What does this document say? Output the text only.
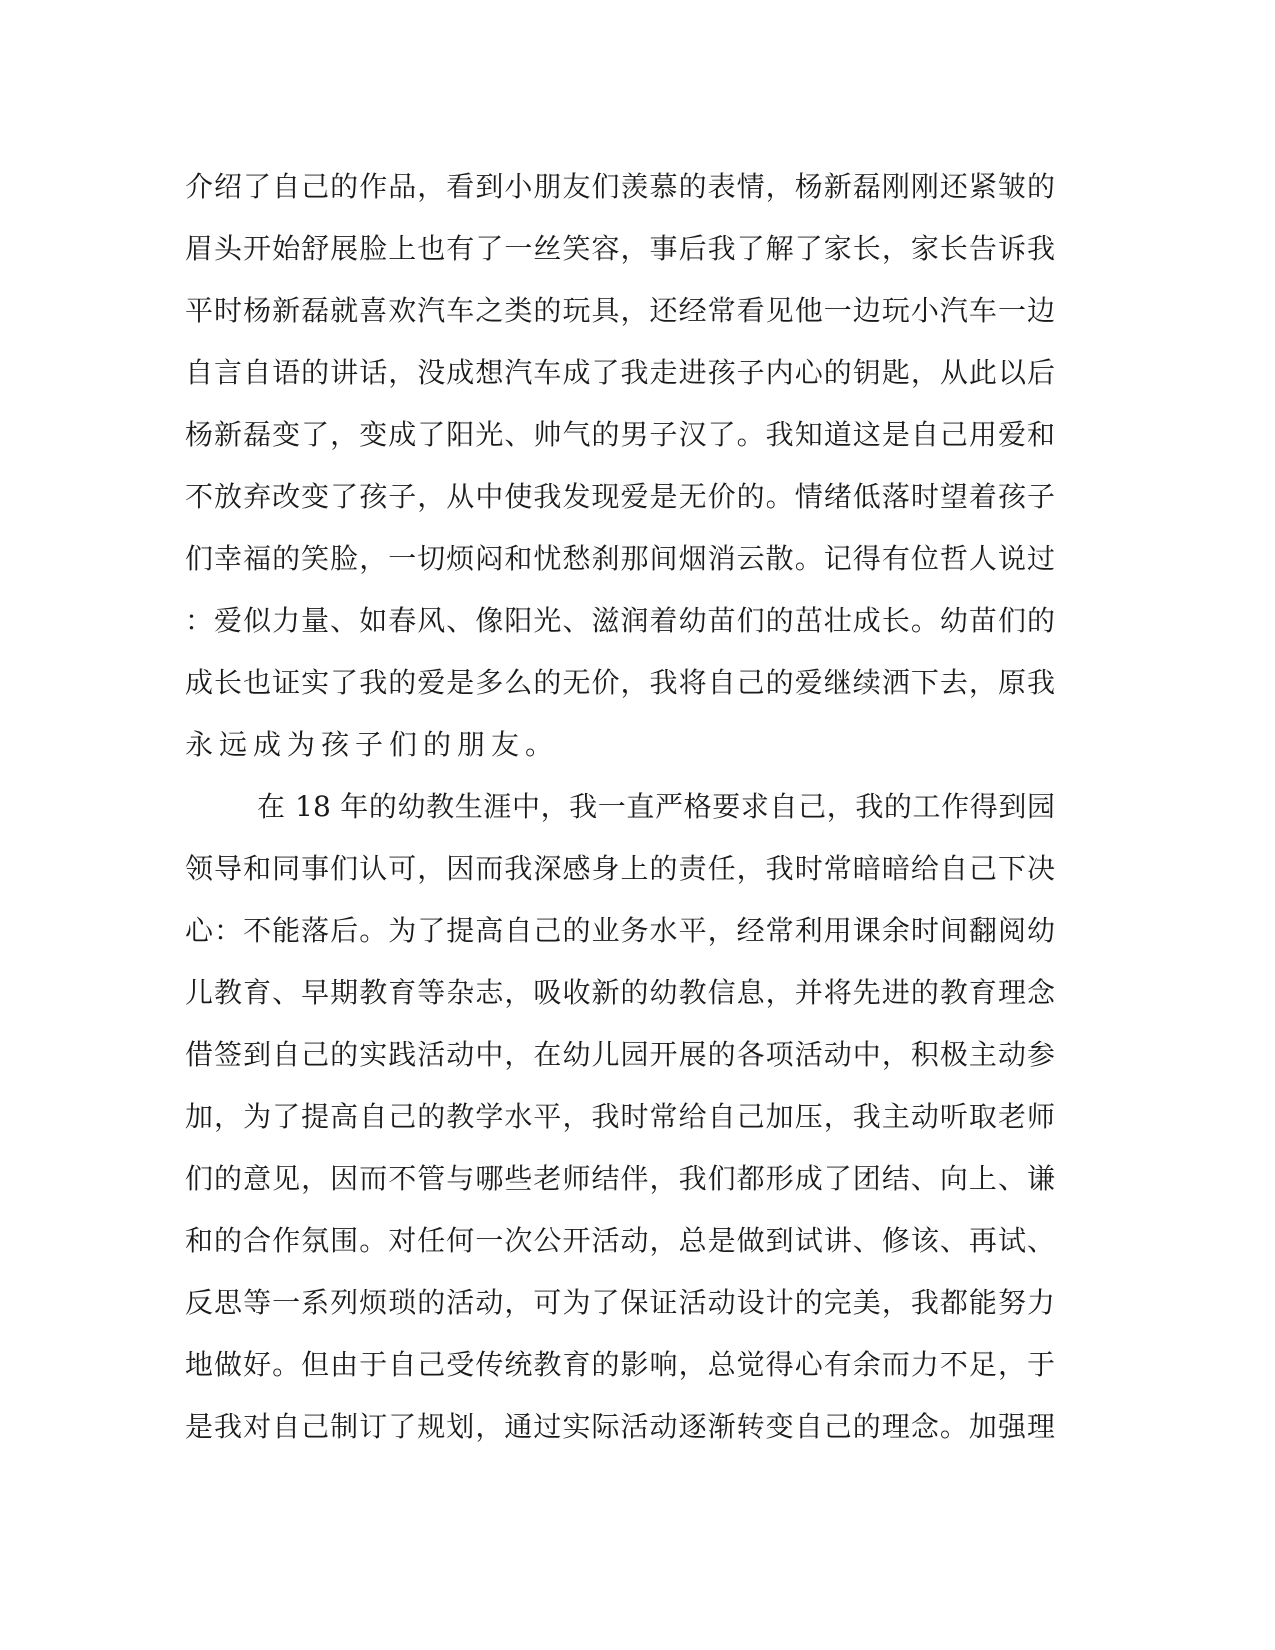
介绍了自己的作品，看到小朋友们羡慕的表情，杨新磊刚刚还紧皱的
眉头开始舒展脸上也有了一丝笑容，事后我了解了家长，家长告诉我
平时杨新磊就喜欢汽车之类的玩具，还经常看见他一边玩小汽车一边
自言自语的讲话，没成想汽车成了我走进孩子内心的钥匙，从此以后
杨新磊变了，变成了阳光、帅气的男子汉了。我知道这是自己用爱和
不放弃改变了孩子，从中使我发现爱是无价的。情绪低落时望着孩子
们幸福的笑脸，一切烦闷和忧愁刹那间烟消云散。记得有位哲人说过
：爱似力量、如春风、像阳光、滋润着幼苗们的茁壮成长。幼苗们的
成长也证实了我的爱是多么的无价，我将自己的爱继续洒下去，原我
永远成为孩子们的朋友。
在 18 年的幼教生涯中，我一直严格要求自己，我的工作得到园
领导和同事们认可，因而我深感身上的责任，我时常暗暗给自己下决
心：不能落后。为了提高自己的业务水平，经常利用课余时间翻阅幼
儿教育、早期教育等杂志，吸收新的幼教信息，并将先进的教育理念
借签到自己的实践活动中，在幼儿园开展的各项活动中，积极主动参
加，为了提高自己的教学水平，我时常给自己加压，我主动听取老师
们的意见，因而不管与哪些老师结伴，我们都形成了团结、向上、谦
和的合作氛围。对任何一次公开活动，总是做到试讲、修该、再试、
反思等一系列烦琐的活动，可为了保证活动设计的完美，我都能努力
地做好。但由于自己受传统教育的影响，总觉得心有余而力不足，于
是我对自己制订了规划，通过实际活动逐渐转变自己的理念。加强理
